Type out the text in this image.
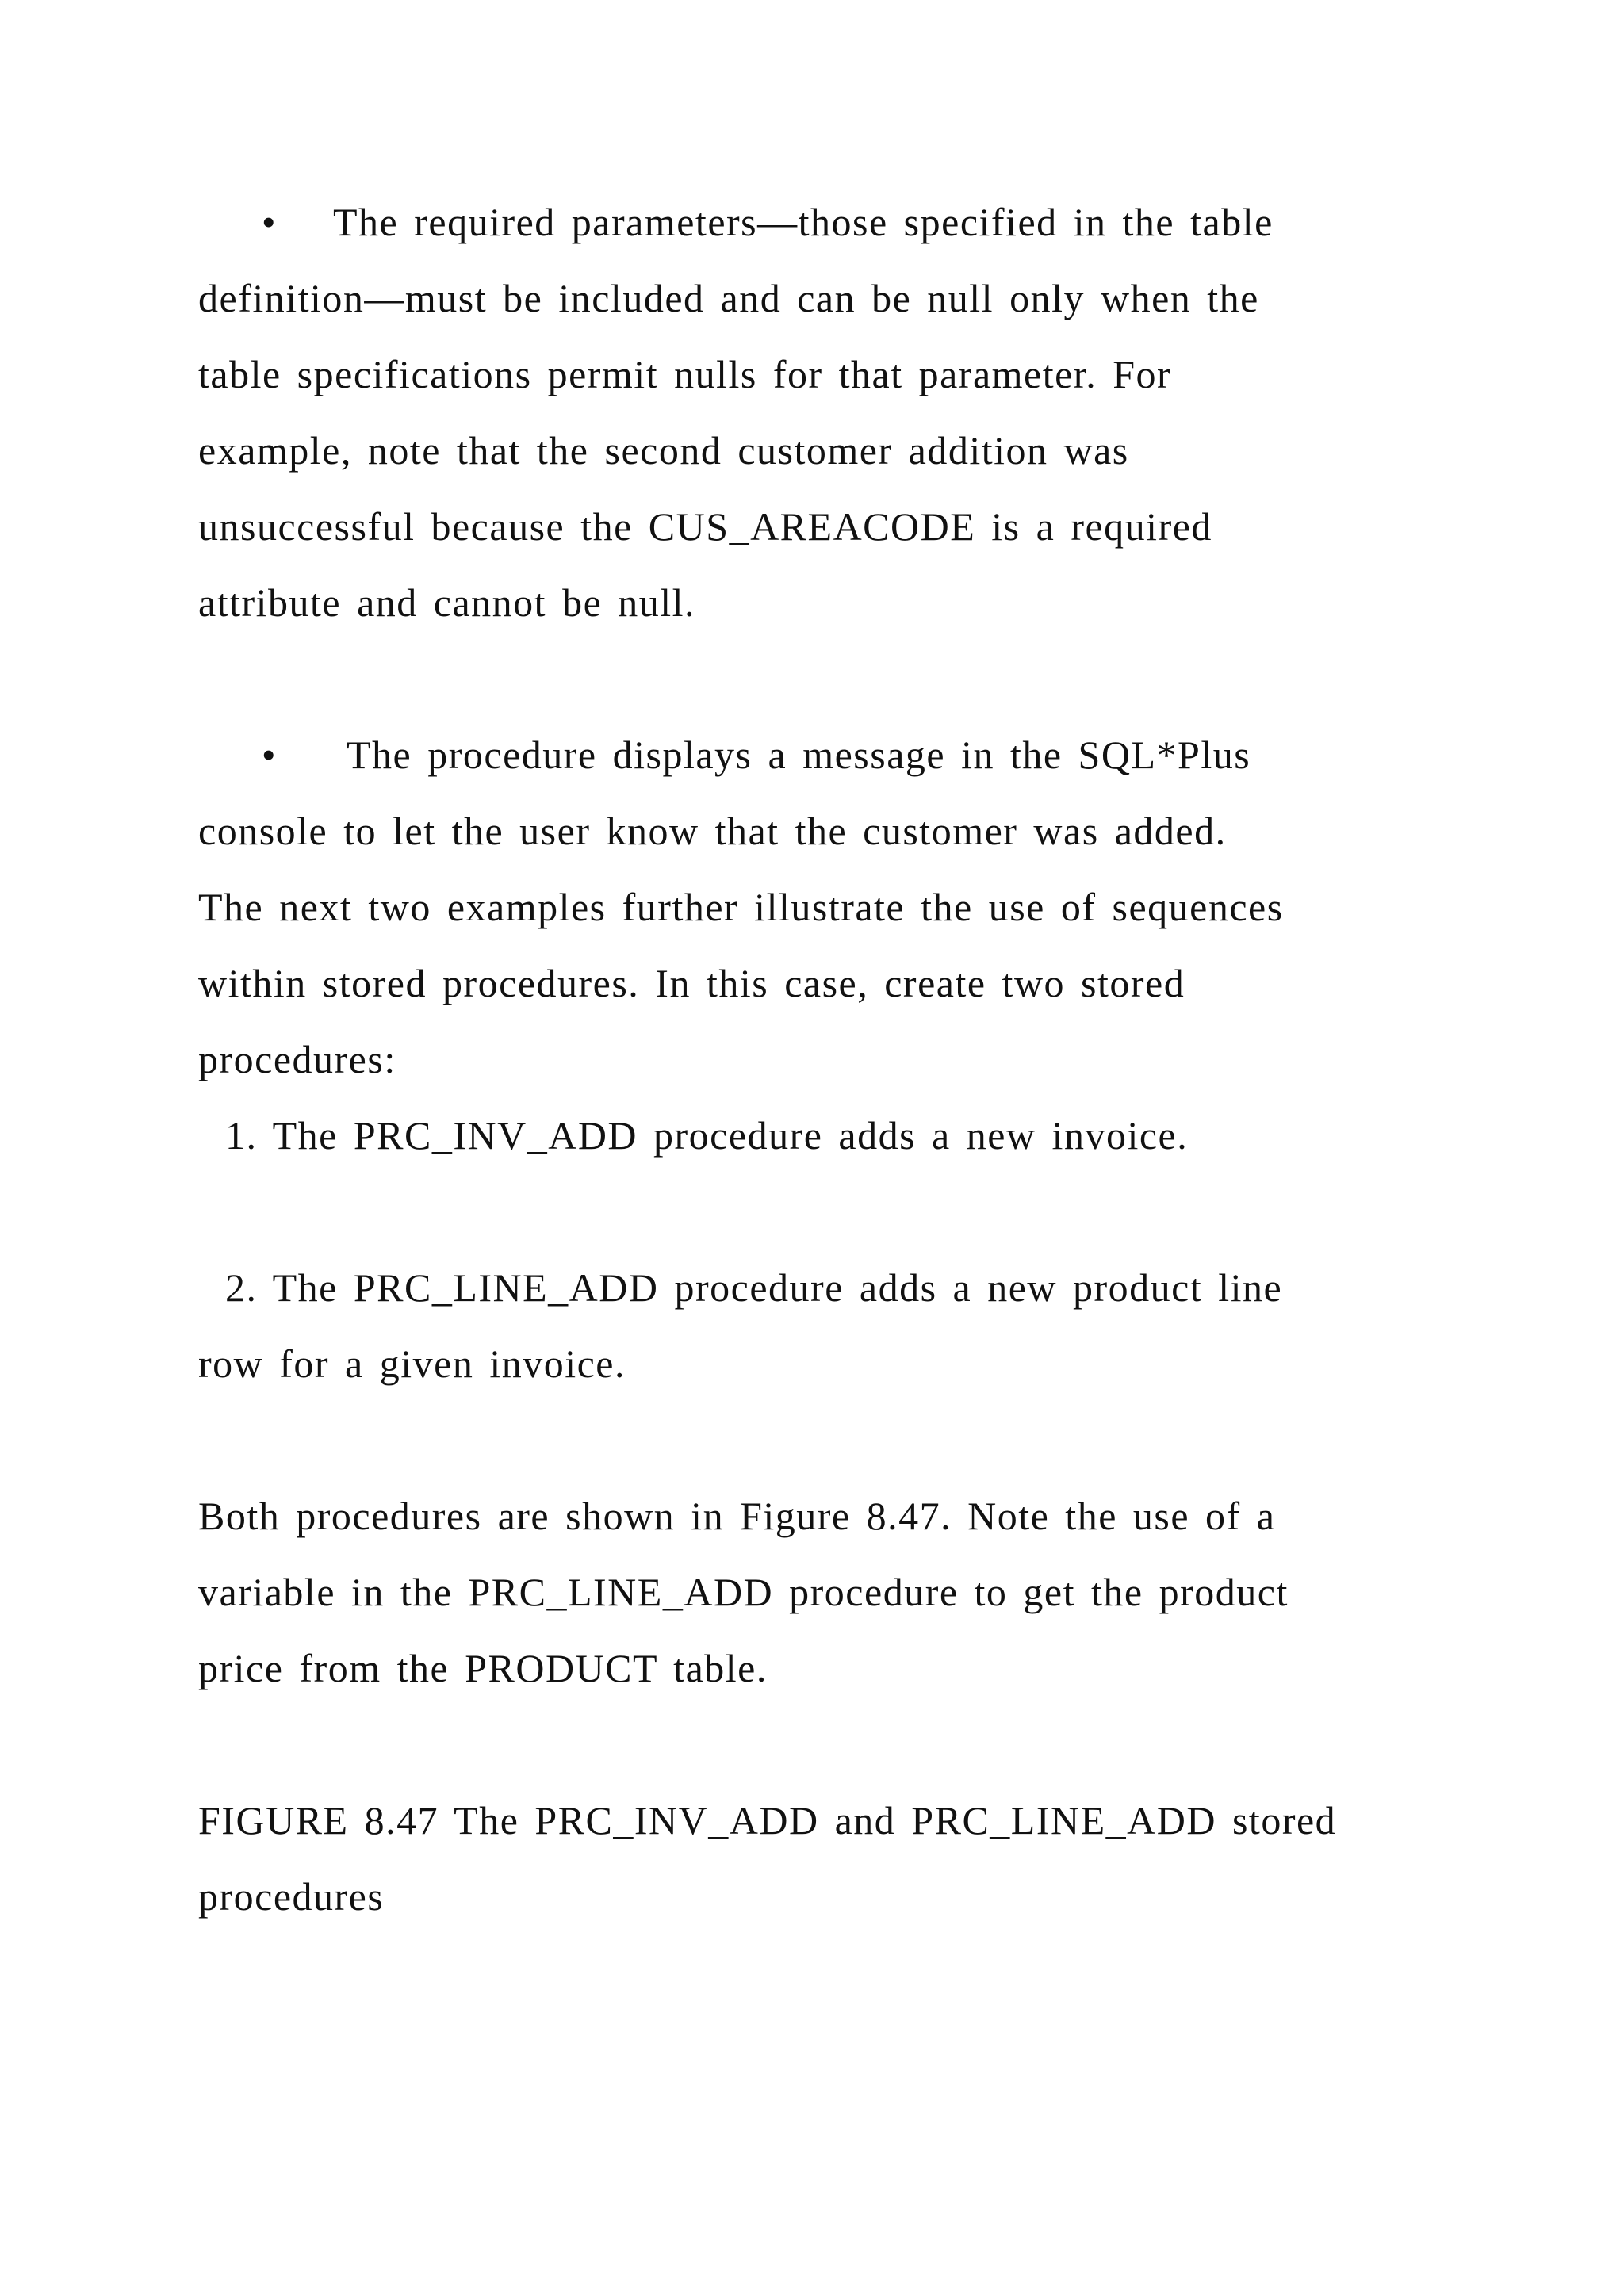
• The required parameters—those specified in the table
definition—must be included and can be null only when the
table specifications permit nulls for that parameter. For
example, note that the second customer addition was
unsuccessful because the CUS_AREACODE is a required
attribute and cannot be null.
• The procedure displays a message in the SQL*Plus
console to let the user know that the customer was added.
The next two examples further illustrate the use of sequences
within stored procedures. In this case, create two stored
procedures:
1. The PRC_INV_ADD procedure adds a new invoice.
2. The PRC_LINE_ADD procedure adds a new product line
row for a given invoice.
Both procedures are shown in Figure 8.47. Note the use of a
variable in the PRC_LINE_ADD procedure to get the product
price from the PRODUCT table.
FIGURE 8.47 The PRC_INV_ADD and PRC_LINE_ADD stored
procedures
